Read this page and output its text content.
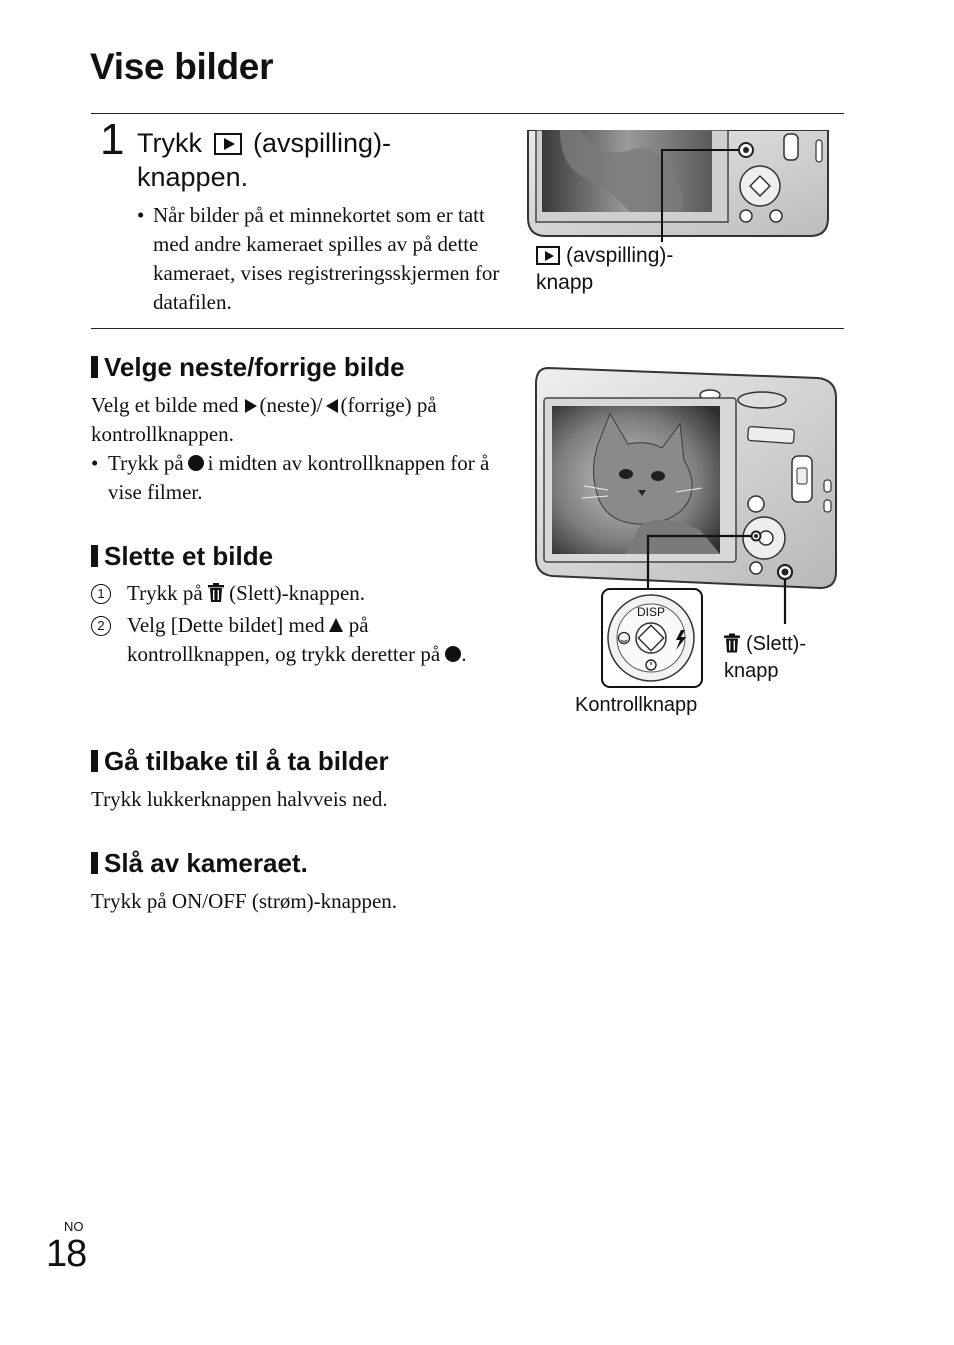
Vise bilder
1 Trykk (avspilling)-
knappen.
• Når bilder på et minnekortet som er tatt med andre kameraet spilles av på dette kameraet, vises registreringsskjermen for datafilen.
(avspilling)-
knapp
Velge neste/forrige bilde
Velg et bilde med (neste)/ (forrige) på kontrollknappen.
• Trykk på i midten av kontrollknappen for å vise filmer.
Slette et bilde
1	Trykk på (Slett)-knappen.
2	Velg [Dette bildet] med på kontrollknappen, og trykk deretter på .
Gå tilbake til å ta bilder
Trykk lukkerknappen halvveis ned.
Slå av kameraet.
Trykk på ON/OFF (strøm)-knappen.
DISP
(Slett)-
knapp
Kontrollknapp
NO
18
